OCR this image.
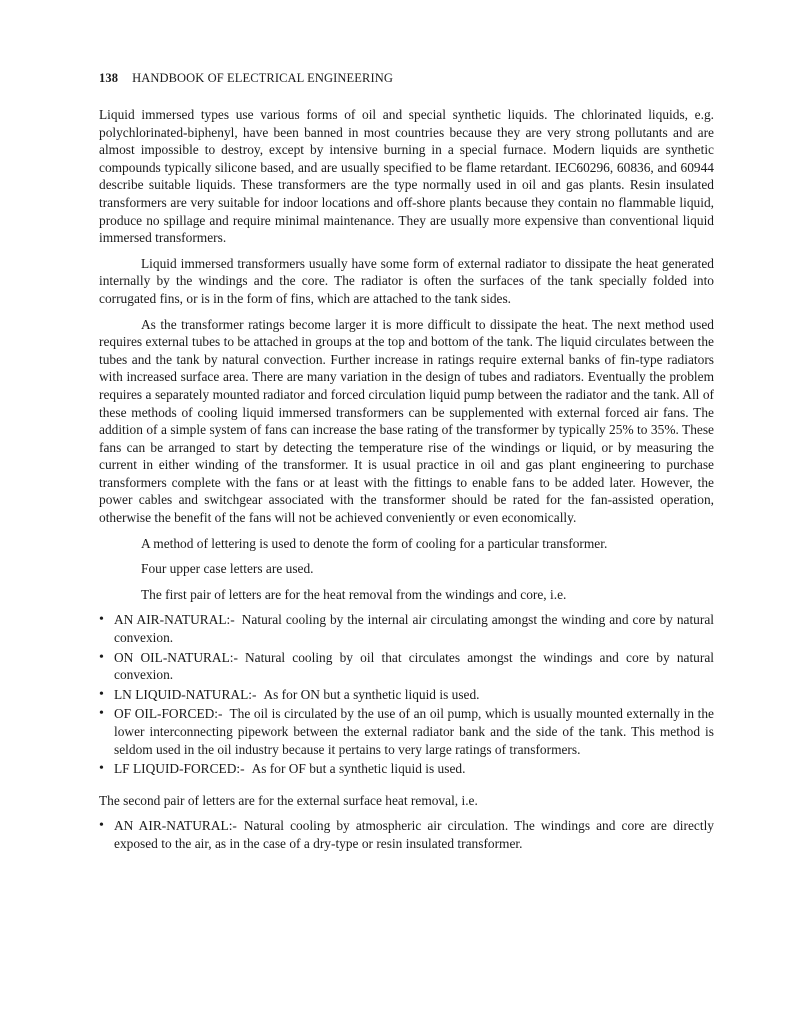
138 HANDBOOK OF ELECTRICAL ENGINEERING

Liquid immersed types use various forms of oil and special synthetic liquids. The chlorinated liquids, e.g. polychlorinated-biphenyl, have been banned in most countries because they are very strong pollutants and are almost impossible to destroy, except by intensive burning in a special furnace. Modern liquids are synthetic compounds typically silicone based, and are usually specified to be flame retardant. IEC60296, 60836, and 60944 describe suitable liquids. These transformers are the type normally used in oil and gas plants. Resin insulated transformers are very suitable for indoor locations and off-shore plants because they contain no flammable liquid, produce no spillage and require minimal maintenance. They are usually more expensive than conventional liquid immersed transformers.

Liquid immersed transformers usually have some form of external radiator to dissipate the heat generated internally by the windings and the core. The radiator is often the surfaces of the tank specially folded into corrugated fins, or is in the form of fins, which are attached to the tank sides.

As the transformer ratings become larger it is more difficult to dissipate the heat. The next method used requires external tubes to be attached in groups at the top and bottom of the tank. The liquid circulates between the tubes and the tank by natural convection. Further increase in ratings require external banks of fin-type radiators with increased surface area. There are many variation in the design of tubes and radiators. Eventually the problem requires a separately mounted radiator and forced circulation liquid pump between the radiator and the tank. All of these methods of cooling liquid immersed transformers can be supplemented with external forced air fans. The addition of a simple system of fans can increase the base rating of the transformer by typically 25% to 35%. These fans can be arranged to start by detecting the temperature rise of the windings or liquid, or by measuring the current in either winding of the transformer. It is usual practice in oil and gas plant engineering to purchase transformers complete with the fans or at least with the fittings to enable fans to be added later. However, the power cables and switchgear associated with the transformer should be rated for the fan-assisted operation, otherwise the benefit of the fans will not be achieved conveniently or even economically.

A method of lettering is used to denote the form of cooling for a particular transformer.

Four upper case letters are used.

The first pair of letters are for the heat removal from the windings and core, i.e.

• AN AIR-NATURAL:- Natural cooling by the internal air circulating amongst the winding and core by natural convexion.
• ON OIL-NATURAL:- Natural cooling by oil that circulates amongst the windings and core by natural convexion.
• LN LIQUID-NATURAL:- As for ON but a synthetic liquid is used.
• OF OIL-FORCED:- The oil is circulated by the use of an oil pump, which is usually mounted externally in the lower interconnecting pipework between the external radiator bank and the side of the tank. This method is seldom used in the oil industry because it pertains to very large ratings of transformers.
• LF LIQUID-FORCED:- As for OF but a synthetic liquid is used.

The second pair of letters are for the external surface heat removal, i.e.

• AN AIR-NATURAL:- Natural cooling by atmospheric air circulation. The windings and core are directly exposed to the air, as in the case of a dry-type or resin insulated transformer.
